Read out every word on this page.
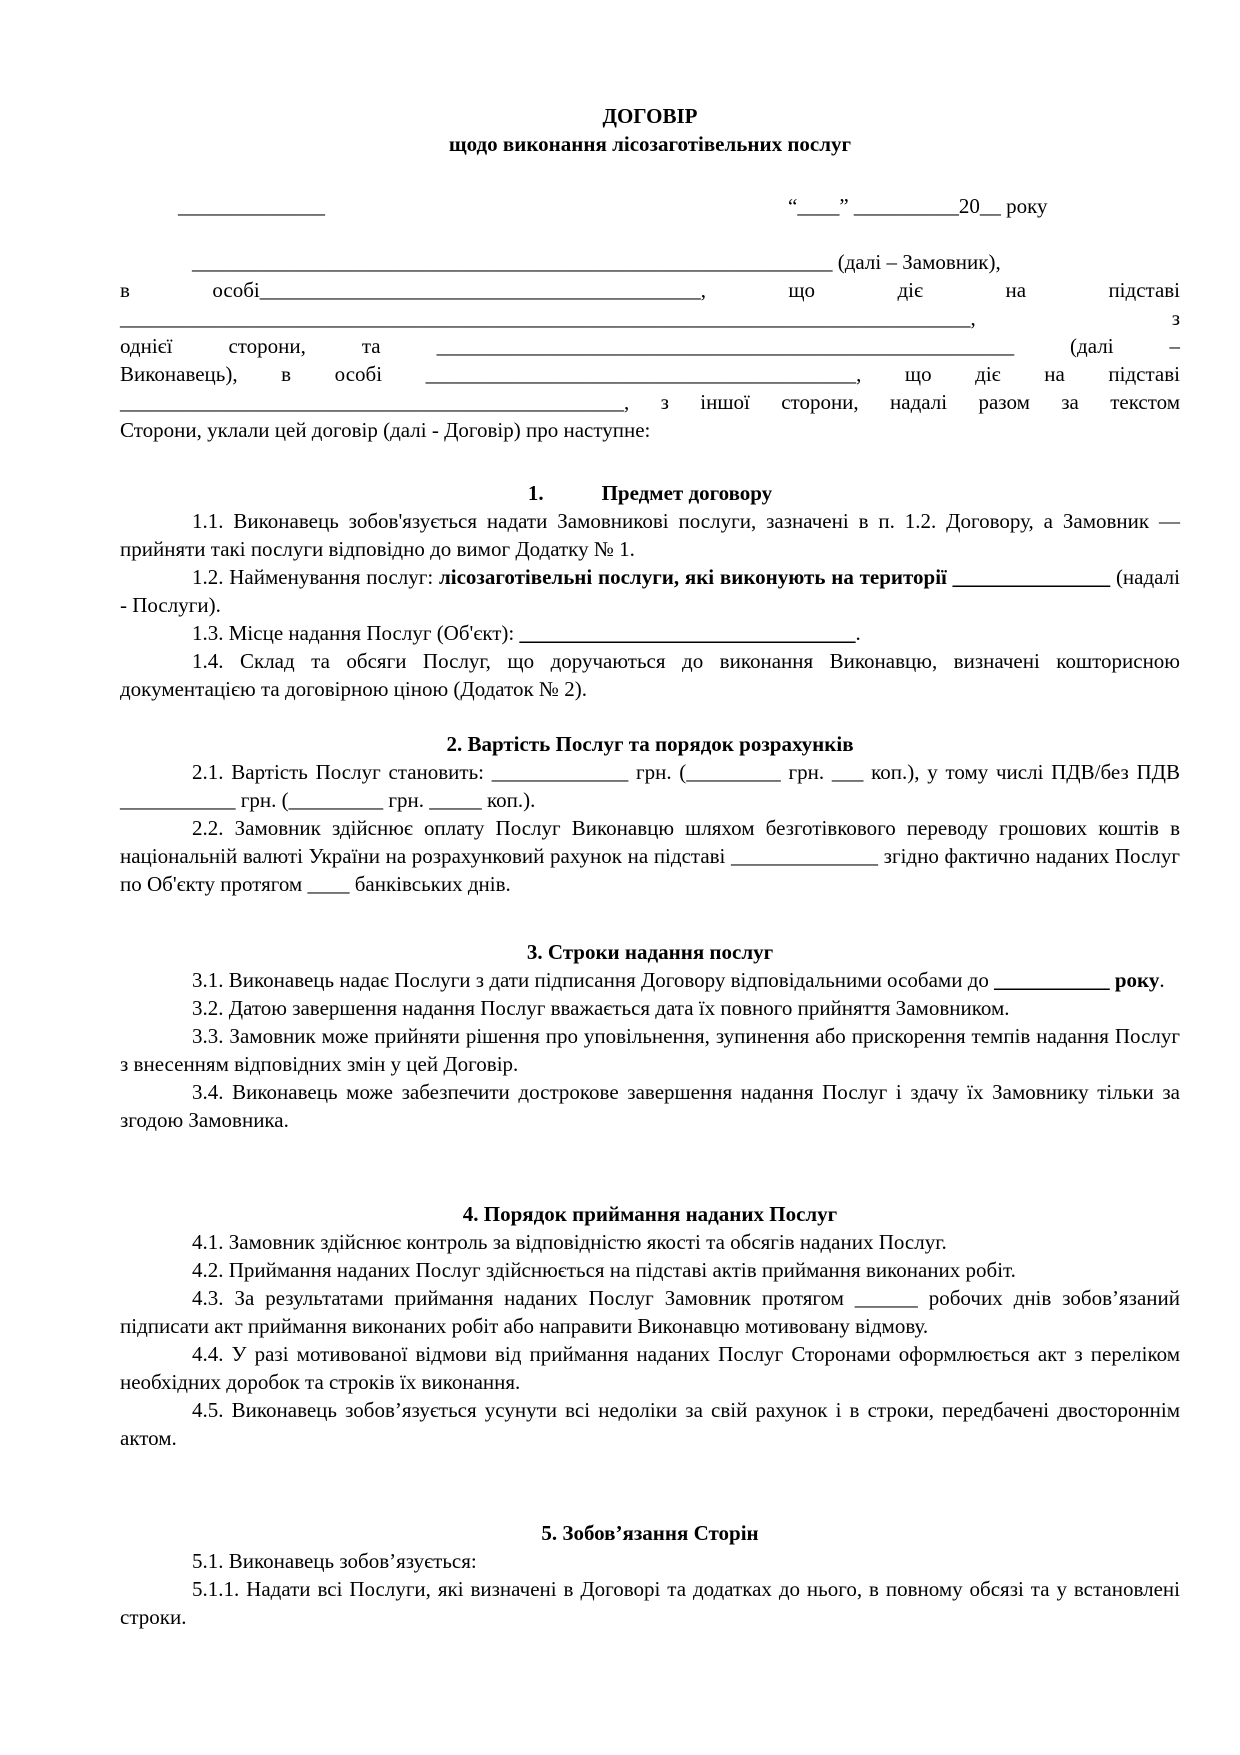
ДОГОВІР
щодо виконання лісозаготівельних послуг
______________	“____” __________20__ року

_____________________________________________________________ (далі – Замовник),

в	особі__________________________________________,	що	діє	на	підставі

_________________________________________________________________________________,	з

однієї сторони, та _______________________________________________________ (далі –

Виконавець), в особі _________________________________________, що діє на підставі

________________________________________________, з іншої сторони, надалі разом за текстом

Сторони, уклали цей договір (далі - Договір) про наступне:

1.	Предмет договору

1.1. Виконавець зобов'язується надати Замовникові послуги, зазначені в п. 1.2. Договору, а Замовник — прийняти такі послуги відповідно до вимог Додатку № 1.

1.2. Найменування послуг: лісозаготівельні послуги, які виконують на території _______________ (надалі - Послуги).

1.3. Місце надання Послуг (Об'єкт): ________________________________.

1.4. Склад та обсяги Послуг, що доручаються до виконання Виконавцю, визначені кошторисною документацією та договірною ціною (Додаток № 2).

2. Вартість Послуг та порядок розрахунків

2.1. Вартість Послуг становить: _____________ грн. (_________ грн. ___ коп.), у тому числі ПДВ/без ПДВ ___________ грн. (_________ грн. _____ коп.).

2.2. Замовник здійснює оплату Послуг Виконавцю шляхом безготівкового переводу грошових коштів в національній валюті України на розрахунковий рахунок на підставі ______________ згідно фактично наданих Послуг по Об'єкту протягом ____ банківських днів.

3. Строки надання послуг

3.1. Виконавець надає Послуги з дати підписання Договору відповідальними особами до ___________ року.

3.2. Датою завершення надання Послуг вважається дата їх повного прийняття Замовником.

3.3. Замовник може прийняти рішення про уповільнення, зупинення або прискорення темпів надання Послуг з внесенням відповідних змін у цей Договір.

3.4. Виконавець може забезпечити дострокове завершення надання Послуг і здачу їх Замовнику тільки за згодою Замовника.

4. Порядок приймання наданих Послуг

4.1. Замовник здійснює контроль за відповідністю якості та обсягів наданих Послуг.

4.2. Приймання наданих Послуг здійснюється на підставі актів приймання виконаних робіт.

4.3. За результатами приймання наданих Послуг Замовник протягом ______ робочих днів зобов’язаний підписати акт приймання виконаних робіт або направити Виконавцю мотивовану відмову.

4.4. У разі мотивованої відмови від приймання наданих Послуг Сторонами оформлюється акт з переліком необхідних доробок та строків їх виконання.

4.5. Виконавець зобов’язується усунути всі недоліки за свій рахунок і в строки, передбачені двостороннім актом.

5. Зобов’язання Сторін

5.1. Виконавець зобов’язується:

5.1.1. Надати всі Послуги, які визначені в Договорі та додатках до нього, в повному обсязі та у встановлені строки.
